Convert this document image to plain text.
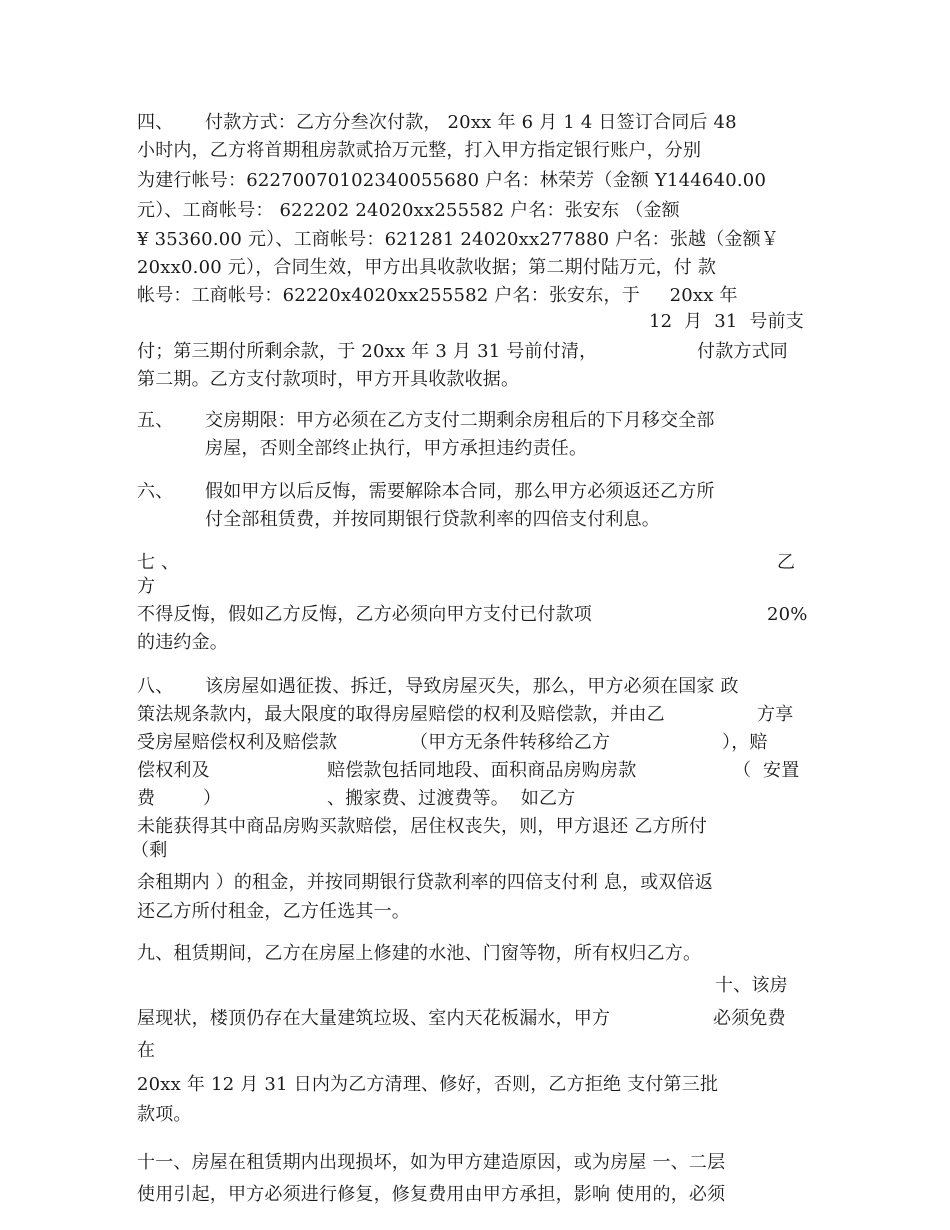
四、 付款方式：乙方分叁次付款， 20xx 年 6 月 1 4 日签订合同后 48
小时内，乙方将首期租房款贰拾万元整，打入甲方指定银行账户，分别
为建行帐号：62270070102340055680 户名：林荣芳（金额 Y144640.00
元）、工商帐号： 622202 24020xx255582 户名：张安东 （金额
¥ 35360.00 元）、工商帐号：621281 24020xx277880 户名：张越（金额￥
20xx0.00 元），合同生效，甲方出具收款收据；第二期付陆万元，付 款
帐号：工商帐号：62220x4020xx255582 户名：张安东，于     20xx 年
12  月  31  号前支
付；第三期付所剩余款，于 20xx 年 3 月 31 号前付清，	付款方式同
第二期。乙方支付款项时，甲方开具收款收据。
五、 交房期限：甲方必须在乙方支付二期剩余房租后的下月移交全部
房屋，否则全部终止执行，甲方承担违约责任。
六、 假如甲方以后反悔，需要解除本合同，那么甲方必须返还乙方所
付全部租赁费，并按同期银行贷款利率的四倍支付利息。
七 、	乙
方
不得反悔，假如乙方反悔，乙方必须向甲方支付已付款项	20%
的违约金。
八、 该房屋如遇征拨、拆迁，导致房屋灭失，那么，甲方必须在国家 政
策法规条款内，最大限度的取得房屋赔偿的权利及赔偿款，并由乙	方享
受房屋赔偿权利及赔偿款	（甲方无条件转移给乙方	），赔
偿权利及	赔偿款包括同地段、面积商品房购房款	（  安置
费	）	、搬家费、过渡费等。  如乙方
未能获得其中商品房购买款赔偿，居住权丧失，则，甲方退还 乙方所付
（剩
余租期内 ）的租金，并按同期银行贷款利率的四倍支付利 息，或双倍返
还乙方所付租金，乙方任选其一。
九、租赁期间，乙方在房屋上修建的水池、门窗等物，所有权归乙方。
十、该房
屋现状，楼顶仍存在大量建筑垃圾、室内天花板漏水，甲方	必须免费
在
20xx 年 12 月 31 日内为乙方清理、修好，否则，乙方拒绝 支付第三批
款项。
十一、房屋在租赁期内出现损坏，如为甲方建造原因，或为房屋 一、二层
使用引起，甲方必须进行修复，修复费用由甲方承担，影响 使用的，必须
